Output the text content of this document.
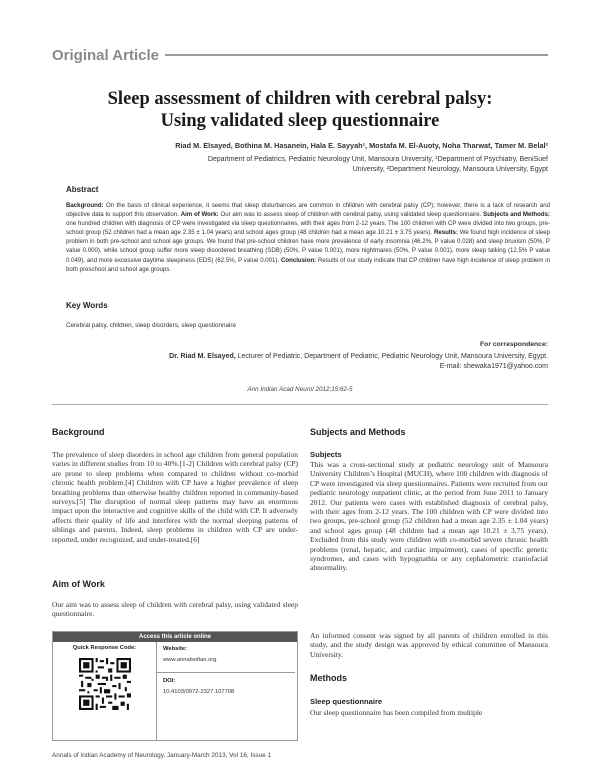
Original Article
Sleep assessment of children with cerebral palsy:
Using validated sleep questionnaire
Riad M. Elsayed, Bothina M. Hasanein, Hala E. Sayyah¹, Mostafa M. El-Auoty, Noha Tharwat, Tamer M. Belal²
Department of Pediatrics, Pediatric Neurology Unit, Mansoura University, ¹Department of Psychiatry, BeniSuef
University, ²Department Neurology, Mansoura University, Egypt
Abstract
Background: On the basis of clinical experience, it seems that sleep disturbances are common in children with cerebral palsy (CP); however, there is a lack of research and objective data to support this observation. Aim of Work: Our aim was to assess sleep of children with cerebral palsy, using validated sleep questionnaire. Subjects and Methods: one hundred children with diagnosis of CP were investigated via sleep questionnaires, with their ages from 2-12 years. The 100 children with CP were divided into two groups, pre-school group (52 children had a mean age 2.35 ± 1.04 years) and school ages group (48 children had a mean age 10.21 ± 3.75 years). Results: We found high incidence of sleep problem in both pre-school and school age groups. We found that pre-school children have more prevalence of early insomnia (46.2%, P value 0.028) and sleep bruxism (50%, P value 0.000), while school group suffer more sleep disordered breathing (SDB) (50%, P value 0.001), more nightmares (50%, P value 0.001), more sleep talking (12.5% P value 0.049), and more excessive daytime sleepiness (EDS) (62.5%, P value 0.001). Conclusion: Results of our study indicate that CP children have high incidence of sleep problem in both preschool and school age groups.
Key Words
Cerebral palsy, children, sleep disorders, sleep questionnaire
For correspondence:
Dr. Riad M. Elsayed, Lecturer of Pediatric, Department of Pediatric, Pediatric Neurology Unit, Mansoura University, Egypt.
E-mail: shewaka1971@yahoo.com
Ann Indian Acad Neurol 2012;15:62-5
Background
The prevalence of sleep disorders in school age children from general population varies in different studies from 10 to 40%.[1-2] Children with cerebral palsy (CP) are prone to sleep problems when compared to children without co-morbid chronic health problem.[4] Children with CP have a higher prevalence of sleep breathing problems than otherwise healthy children reported in community-based surveys.[5] The disruption of normal sleep patterns may have an enormous impact upon the interactive and cognitive skills of the child with CP. It adversely affects their quality of life and interferes with the normal sleeping patterns of siblings and parents. Indeed, sleep problems in children with CP are under-reported, under recognized, and under-treated.[6]
Aim of Work
Our aim was to assess sleep of children with cerebral palsy, using validated sleep questionnaire.
Access this article online
Quick Response Code:	Website:
www.annalsofian.org
DOI:
10.4103/0972-2327.107708
Subjects and Methods
Subjects
This was a cross-sectional study at pediatric neurology unit of Mansoura University Children’s Hospital (MUCH), where 100 children with diagnosis of CP were investigated via sleep questionnaires. Patients were recruited from our pediatric neurology outpatient clinic, at the period from June 2011 to January 2012. Our patients were cases with established diagnosis of cerebral palsy, with their ages from 2-12 years. The 100 children with CP were divided into two groups, pre-school group (52 children had a mean age 2.35 ± 1.04 years) and school ages group (48 children had a mean age 10.21 ± 3.75 years). Excluded from this study were children with co-morbid severe chronic health problems (renal, hepatic, and cardiac impairment), cases of specific genetic syndromes, and cases with hypognathia or any cephalometric craniofacial abnormality.
An informed consent was signed by all parents of children enrolled in this study, and the study design was approved by ethical committee of Mansoura University.
Methods
Sleep questionnaire
Our sleep questionnaire has been compiled from multiple
Annals of Indian Academy of Neurology, January-March 2013, Vol 16, Issue 1
